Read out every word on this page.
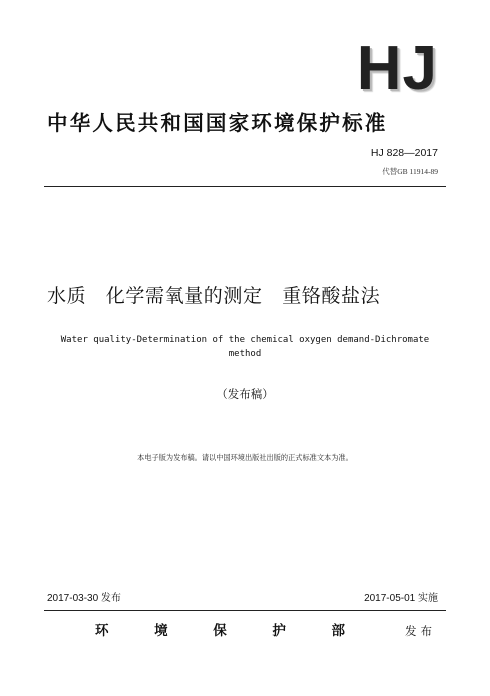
HJ
中华人民共和国国家环境保护标准
HJ 828—2017
代替GB 11914-89
水质　化学需氧量的测定　重铬酸盐法
Water quality-Determination of the chemical oxygen demand-Dichromate method
（发布稿）
本电子版为发布稿。请以中国环境出版社出版的正式标准文本为准。
2017-03-30 发布	2017-05-01 实施
环	境	保	护	部	发布
